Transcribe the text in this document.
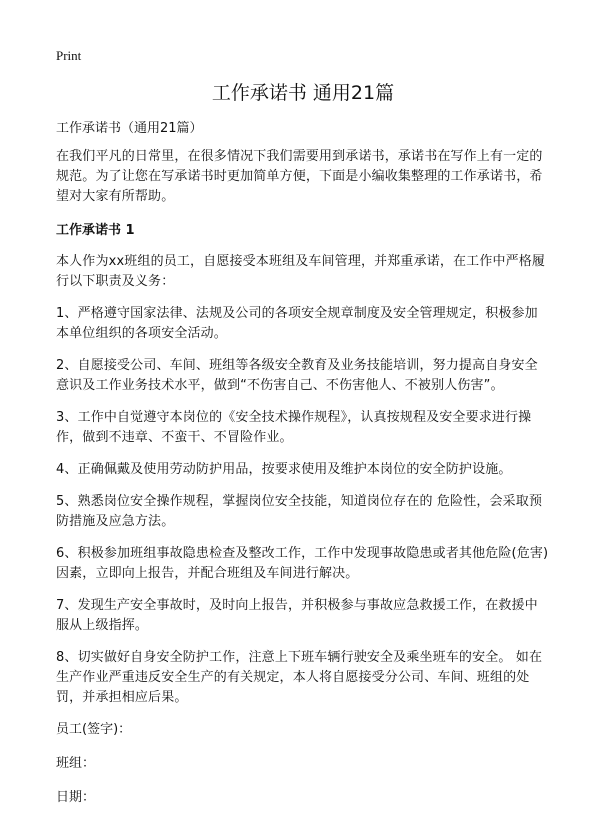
Print
工作承诺书 通用21篇

工作承诺书（通用21篇）

在我们平凡的日常里，在很多情况下我们需要用到承诺书，承诺书在写作上有一定的规范。为了让您在写承诺书时更加简单方便，下面是小编收集整理的工作承诺书，希望对大家有所帮助。

工作承诺书 1

本人作为xx班组的员工，自愿接受本班组及车间管理，并郑重承诺，在工作中严格履行以下职责及义务：

1、严格遵守国家法律、法规及公司的各项安全规章制度及安全管理规定，积极参加本单位组织的各项安全活动。

2、自愿接受公司、车间、班组等各级安全教育及业务技能培训，努力提高自身安全意识及工作业务技术水平，做到“不伤害自己、不伤害他人、不被别人伤害”。

3、工作中自觉遵守本岗位的《安全技术操作规程》，认真按规程及安全要求进行操作，做到不违章、不蛮干、不冒险作业。

4、正确佩戴及使用劳动防护用品，按要求使用及维护本岗位的安全防护设施。

5、熟悉岗位安全操作规程，掌握岗位安全技能，知道岗位存在的 危险性，会采取预防措施及应急方法。

6、积极参加班组事故隐患检查及整改工作，工作中发现事故隐患或者其他危险(危害)因素，立即向上报告，并配合班组及车间进行解决。

7、发现生产安全事故时，及时向上报告，并积极参与事故应急救援工作，在救援中服从上级指挥。

8、切实做好自身安全防护工作，注意上下班车辆行驶安全及乘坐班车的安全。 如在生产作业严重违反安全生产的有关规定，本人将自愿接受分公司、车间、班组的处罚，并承担相应后果。

员工(签字)：

班组：

日期：
